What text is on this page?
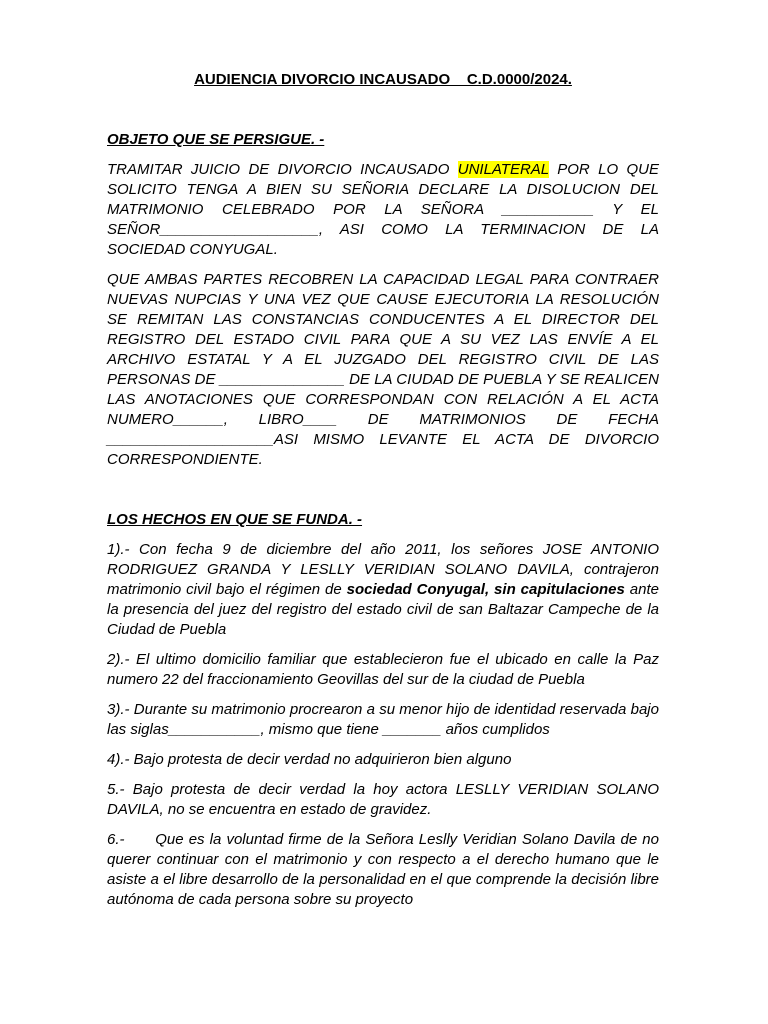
AUDIENCIA DIVORCIO INCAUSADO    C.D.0000/2024.

OBJETO QUE SE PERSIGUE. -

TRAMITAR JUICIO DE DIVORCIO INCAUSADO UNILATERAL POR LO QUE SOLICITO TENGA A BIEN SU SEÑORIA DECLARE LA DISOLUCION DEL MATRIMONIO CELEBRADO POR LA SEÑORA ___________ Y EL SEÑOR___________________, ASI COMO LA TERMINACION DE LA SOCIEDAD CONYUGAL.

QUE AMBAS PARTES RECOBREN LA CAPACIDAD LEGAL PARA CONTRAER NUEVAS NUPCIAS Y UNA VEZ QUE CAUSE EJECUTORIA LA RESOLUCIÓN SE REMITAN LAS CONSTANCIAS CONDUCENTES A EL DIRECTOR DEL REGISTRO DEL ESTADO CIVIL PARA QUE A SU VEZ LAS ENVÍE A EL ARCHIVO ESTATAL Y A EL JUZGADO DEL REGISTRO CIVIL DE LAS PERSONAS DE _______________ DE LA CIUDAD DE PUEBLA Y SE REALICEN LAS ANOTACIONES QUE CORRESPONDAN CON RELACIÓN A EL ACTA NUMERO______, LIBRO____ DE MATRIMONIOS DE FECHA ____________________ASI MISMO LEVANTE EL ACTA DE DIVORCIO CORRESPONDIENTE.

LOS HECHOS EN QUE SE FUNDA. -

1).- Con fecha 9 de diciembre del año 2011, los señores JOSE ANTONIO RODRIGUEZ GRANDA Y LESLLY VERIDIAN SOLANO DAVILA, contrajeron matrimonio civil bajo el régimen de sociedad Conyugal, sin capitulaciones ante la presencia del juez del registro del estado civil de san Baltazar Campeche de la Ciudad de Puebla

2).- El ultimo domicilio familiar que establecieron fue el ubicado en calle la Paz numero 22 del fraccionamiento Geovillas del sur de la ciudad de Puebla

3).- Durante su matrimonio procrearon a su menor hijo de identidad reservada bajo las siglas___________, mismo que tiene _______ años cumplidos

4).- Bajo protesta de decir verdad no adquirieron bien alguno

5.- Bajo protesta de decir verdad la hoy actora LESLLY VERIDIAN SOLANO DAVILA, no se encuentra en estado de gravidez.

6.-      Que es la voluntad firme de la Señora Leslly Veridian Solano Davila de no querer continuar con el matrimonio y con respecto a el derecho humano que le asiste a el libre desarrollo de la personalidad en el que comprende la decisión libre  autónoma de cada persona sobre su proyecto
